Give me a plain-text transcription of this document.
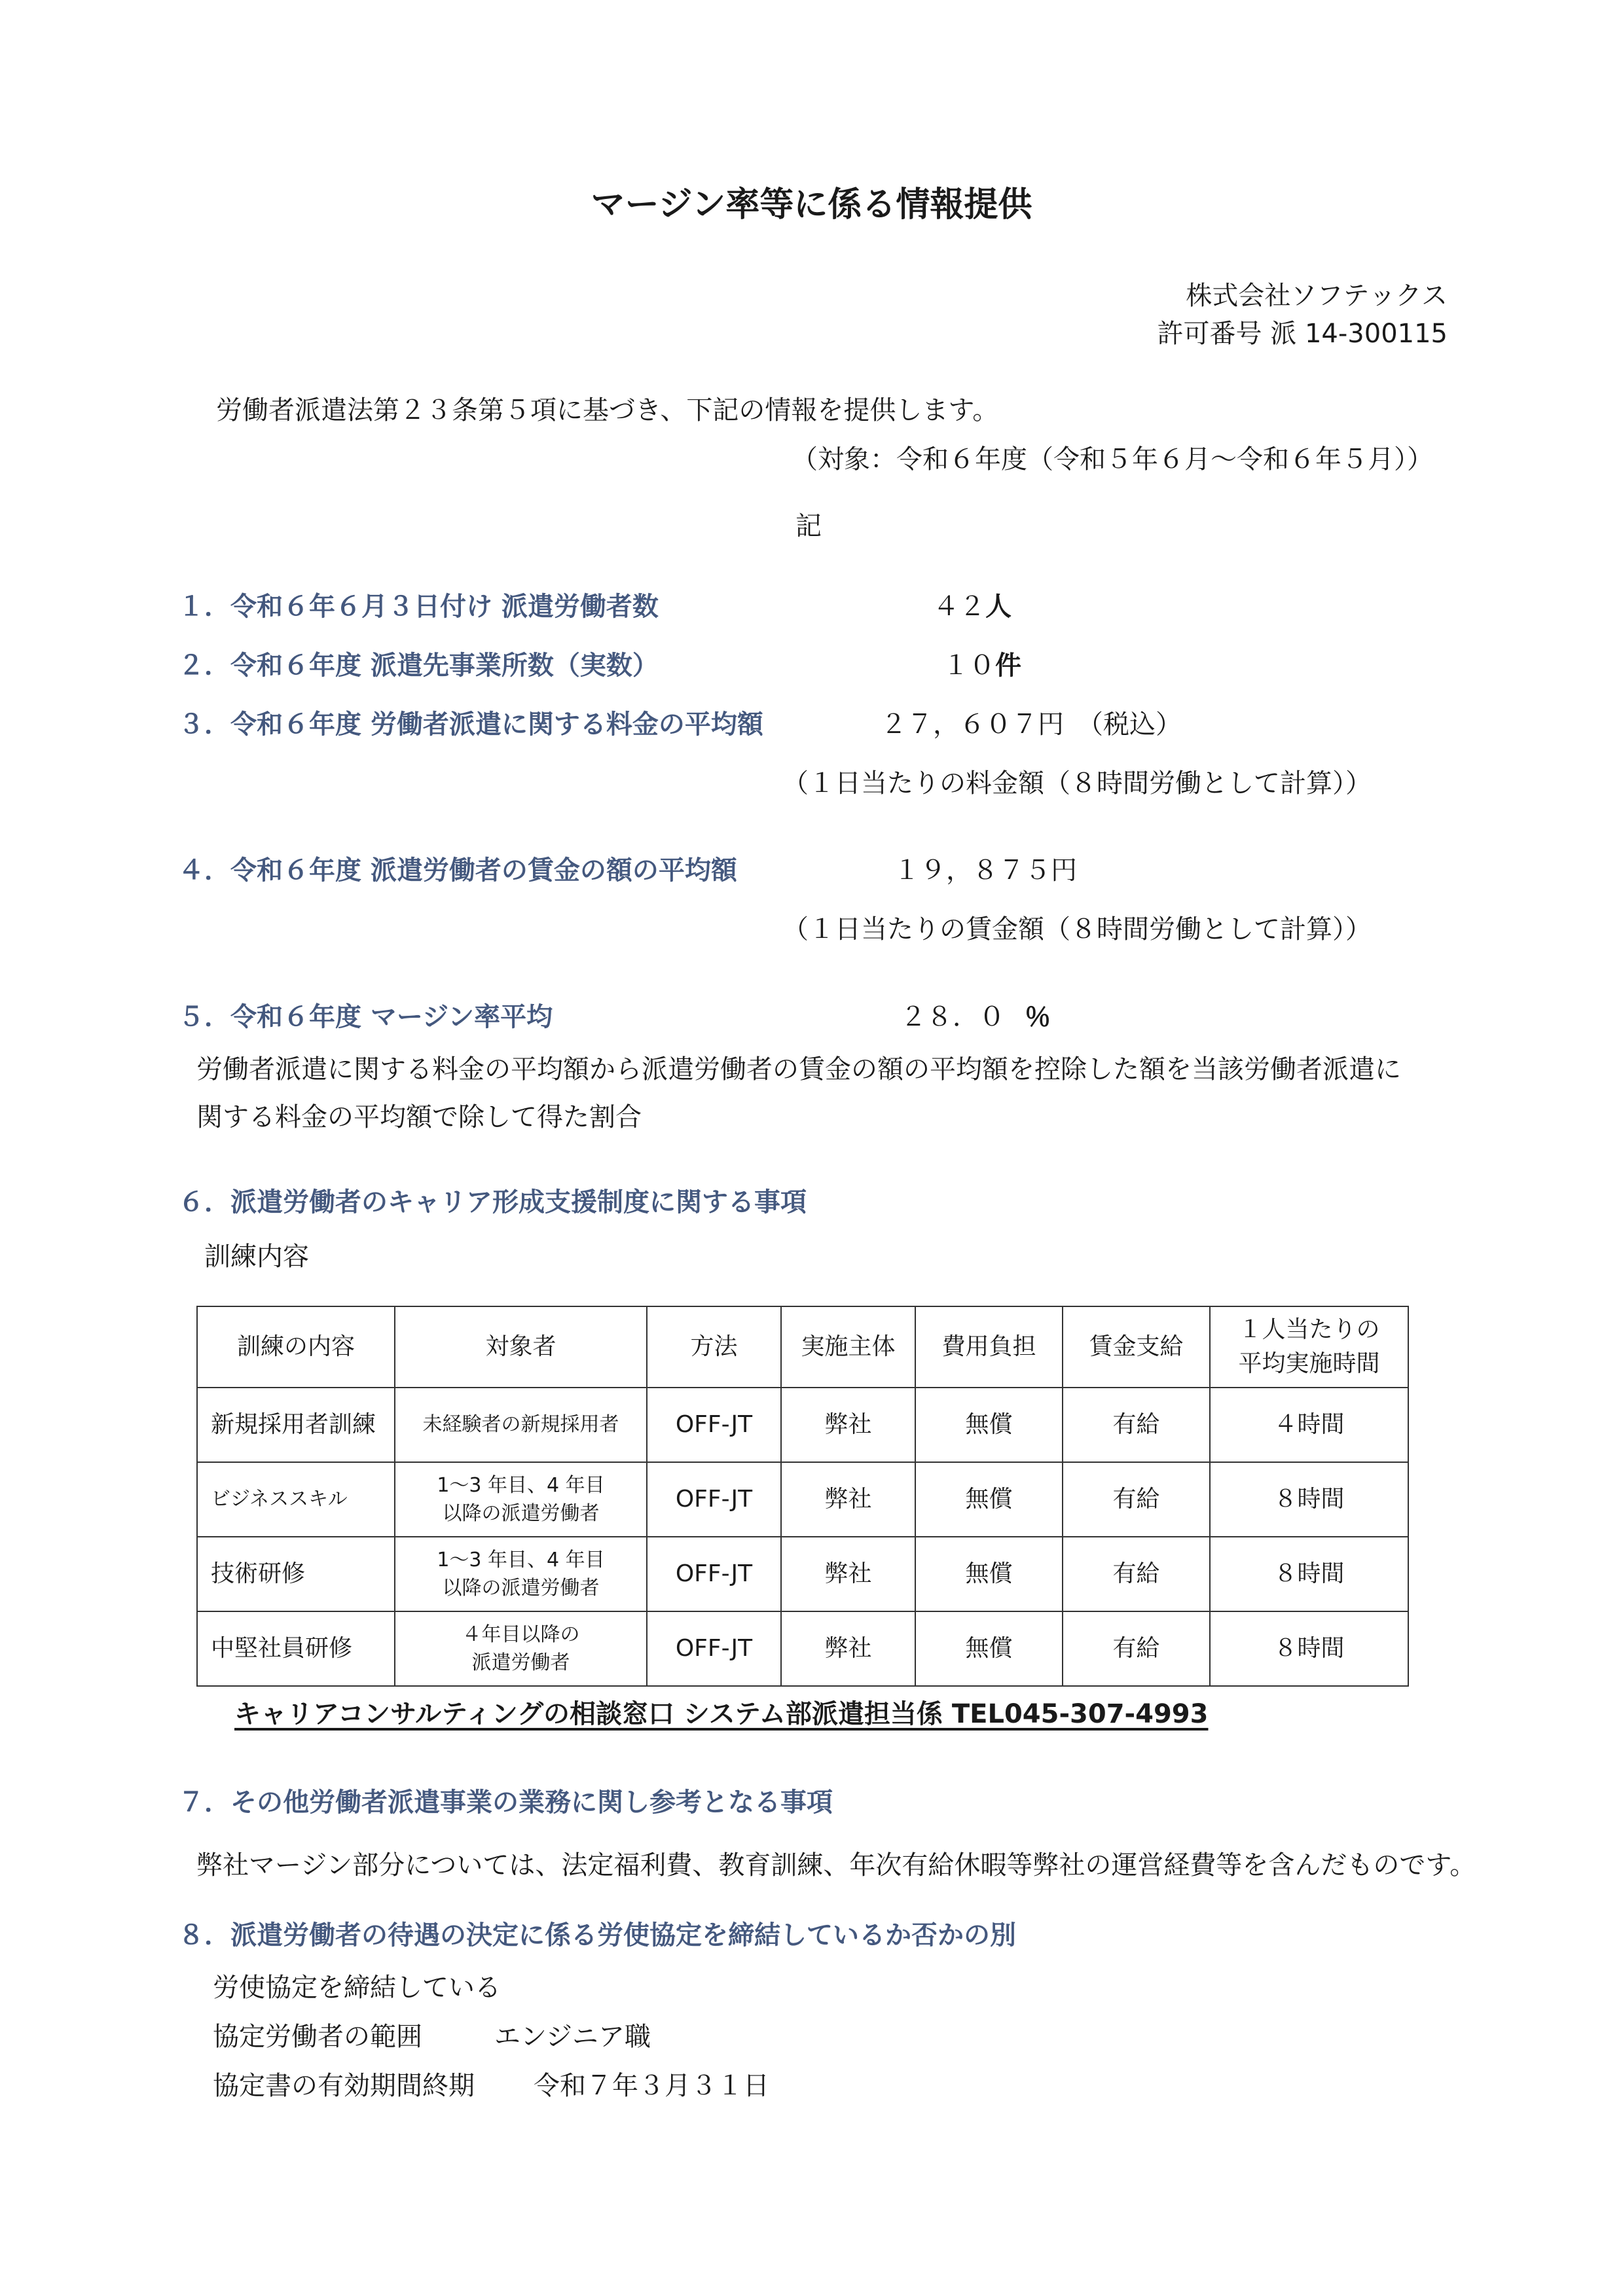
マージン率等に係る情報提供
株式会社ソフテックス
許可番号 派 14-300115
労働者派遣法第２３条第５項に基づき、下記の情報を提供します。
（対象：令和６年度（令和５年６月～令和６年５月））
記
１．令和６年６月３日付け 派遣労働者数	４２人
２．令和６年度 派遣先事業所数（実数）	１０件
３．令和６年度 労働者派遣に関する料金の平均額	２７，６０７円　（税込）
（１日当たりの料金額（８時間労働として計算））
４．令和６年度 派遣労働者の賃金の額の平均額	１９，８７５円
（１日当たりの賃金額（８時間労働として計算））
５．令和６年度 マージン率平均	２８．０ ％
労働者派遣に関する料金の平均額から派遣労働者の賃金の額の平均額を控除した額を当該労働者派遣に
関する料金の平均額で除して得た割合
６．派遣労働者のキャリア形成支援制度に関する事項
訓練内容
訓練の内容	対象者	方法	実施主体	費用負担	賃金支給	１人当たりの
平均実施時間
新規採用者訓練	未経験者の新規採用者	OFF-JT	弊社	無償	有給	４時間
ビジネススキル	1～3 年目、4 年目
以降の派遣労働者	OFF-JT	弊社	無償	有給	８時間
技術研修	1～3 年目、4 年目
以降の派遣労働者	OFF-JT	弊社	無償	有給	８時間
中堅社員研修	４年目以降の
派遣労働者	OFF-JT	弊社	無償	有給	８時間
キャリアコンサルティングの相談窓口 システム部派遣担当係 TEL045-307-4993
７．その他労働者派遣事業の業務に関し参考となる事項
弊社マージン部分については、法定福利費、教育訓練、年次有給休暇等弊社の運営経費等を含んだものです。
８．派遣労働者の待遇の決定に係る労使協定を締結しているか否かの別
労使協定を締結している
協定労働者の範囲	エンジニア職
協定書の有効期間終期 令和７年３月３１日
